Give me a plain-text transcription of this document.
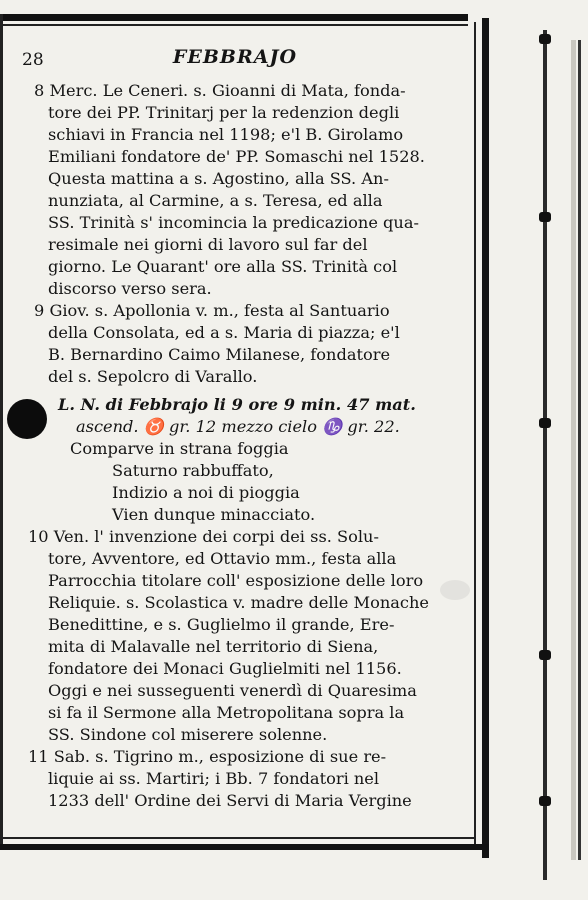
28	FEBBRAJO
8 Merc. Le Ceneri. s. Gioanni di Mata, fonda-
tore dei PP. Trinitarj per la redenzion degli
schiavi in Francia nel 1198; e'l B. Girolamo
Emiliani fondatore de' PP. Somaschi nel 1528.
Questa mattina a s. Agostino, alla SS. An-
nunziata, al Carmine, a s. Teresa, ed alla
SS. Trinità s' incomincia la predicazione qua-
resimale nei giorni di lavoro sul far del
giorno. Le Quarant' ore alla SS. Trinità col
discorso verso sera.
9 Giov. s. Apollonia v. m., festa al Santuario
della Consolata, ed a s. Maria di piazza; e'l
B. Bernardino Caimo Milanese, fondatore
del s. Sepolcro di Varallo.
L. N. di Febbrajo li 9 ore 9 min. 47 mat.
ascend. ♉ gr. 12 mezzo cielo ♑ gr. 22.
Comparve in strana foggia
Saturno rabbuffato,
Indizio a noi di pioggia
Vien dunque minacciato.
10 Ven. l' invenzione dei corpi dei ss. Solu-
tore, Avventore, ed Ottavio mm., festa alla
Parrocchia titolare coll' esposizione delle loro
Reliquie. s. Scolastica v. madre delle Monache
Benedittine, e s. Guglielmo il grande, Ere-
mita di Malavalle nel territorio di Siena,
fondatore dei Monaci Guglielmiti nel 1156.
Oggi e nei susseguenti venerdì di Quaresima
si fa il Sermone alla Metropolitana sopra la
SS. Sindone col miserere solenne.
11 Sab. s. Tigrino m., esposizione di sue re-
liquie ai ss. Martiri; i Bb. 7 fondatori nel
1233 dell' Ordine dei Servi di Maria Vergine
